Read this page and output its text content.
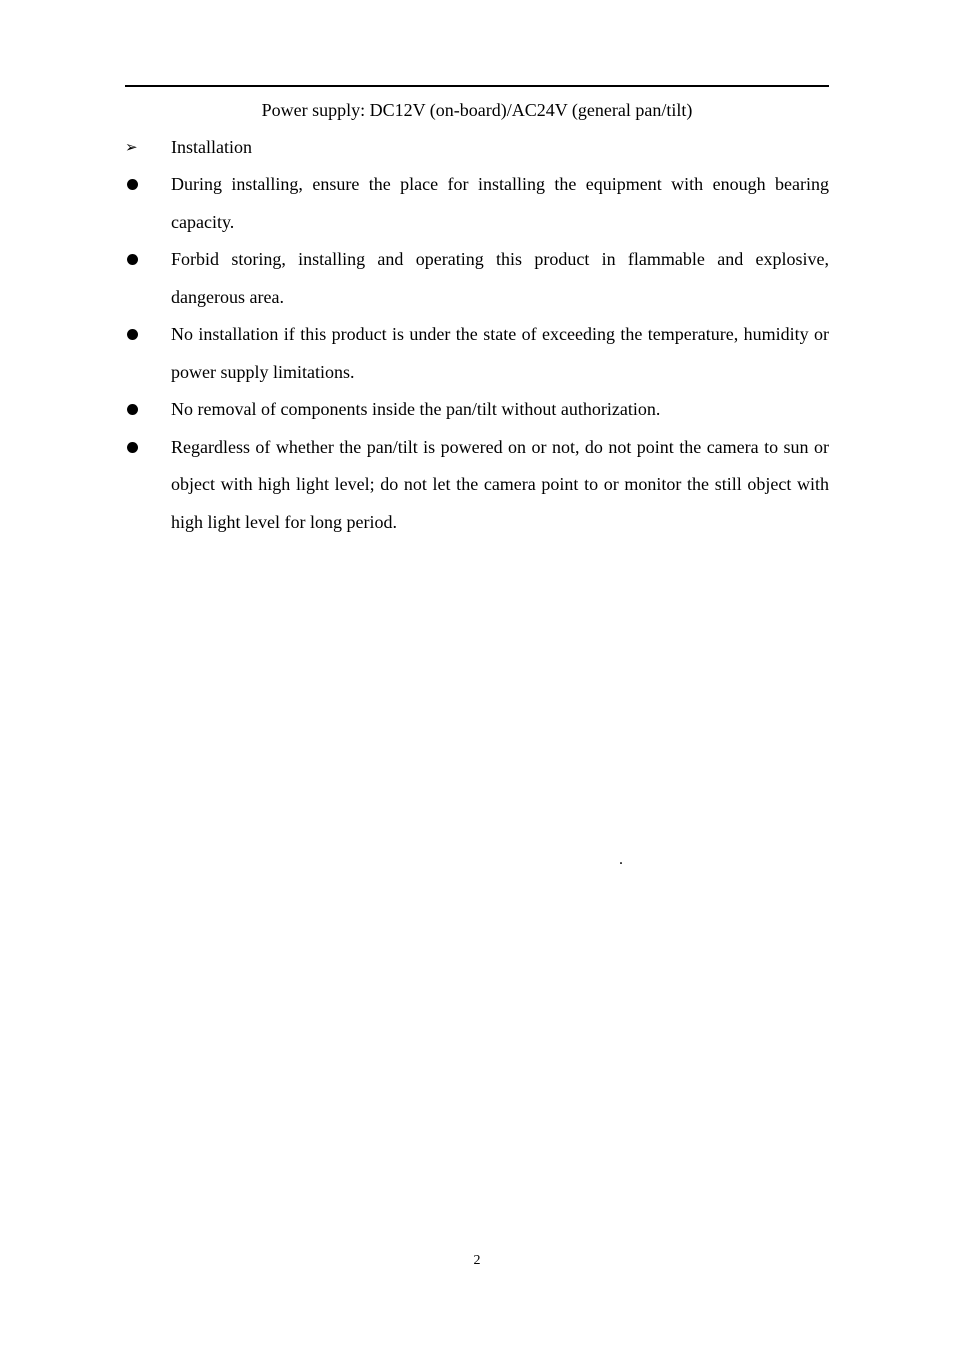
Power supply: DC12V (on-board)/AC24V (general pan/tilt)
➢	Installation
During installing, ensure the place for installing the equipment with enough bearing capacity.
Forbid storing, installing and operating this product in flammable and explosive, dangerous area.
No installation if this product is under the state of exceeding the temperature, humidity or power supply limitations.
No removal of components inside the pan/tilt without authorization.
Regardless of whether the pan/tilt is powered on or not, do not point the camera to sun or object with high light level; do not let the camera point to or monitor the still object with high light level for long period.
.
2
